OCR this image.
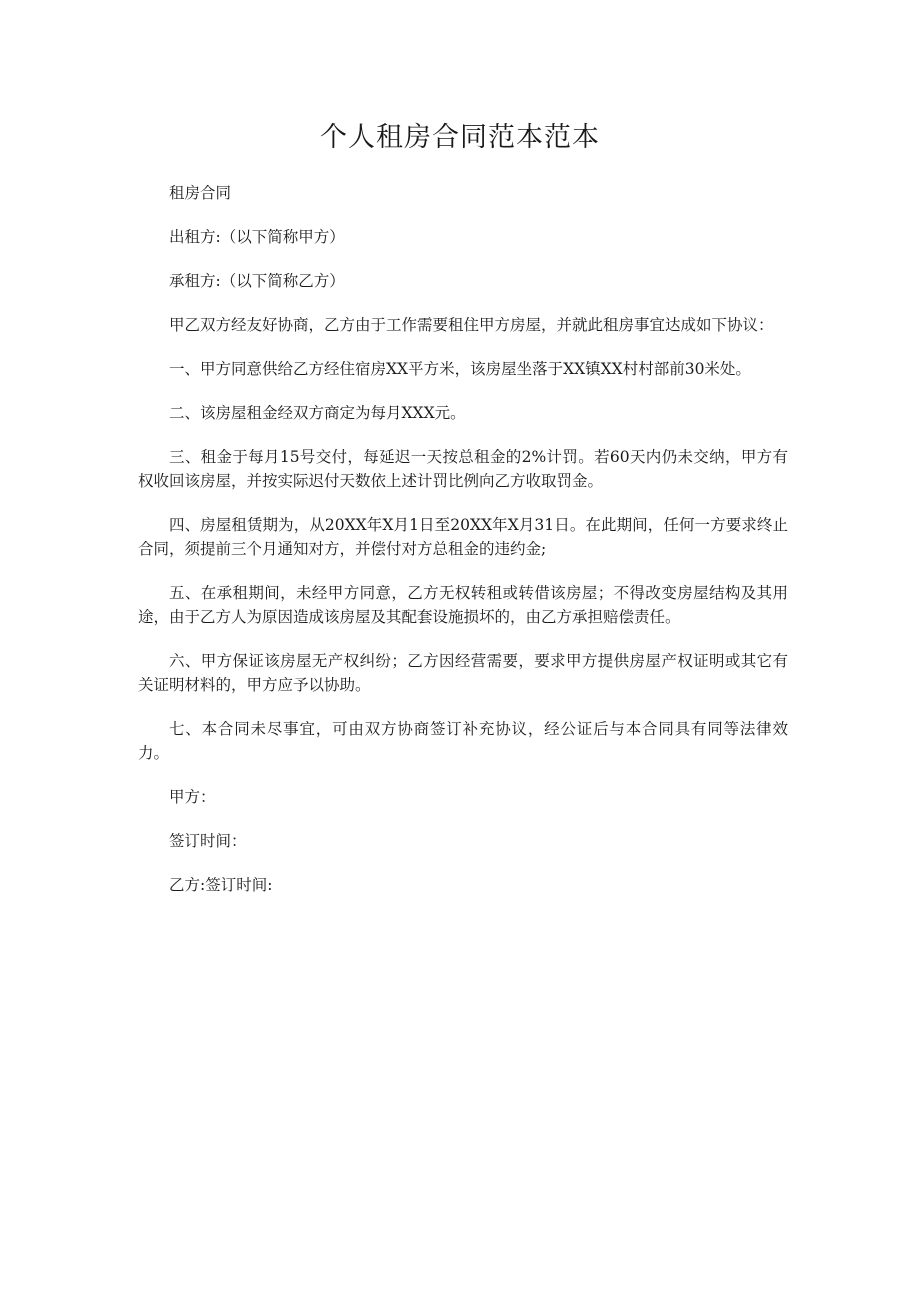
个人租房合同范本范本

租房合同

出租方:（以下简称甲方）

承租方:（以下简称乙方）

甲乙双方经友好协商，乙方由于工作需要租住甲方房屋，并就此租房事宜达成如下协议：

一、甲方同意供给乙方经住宿房XX平方米，该房屋坐落于XX镇XX村村部前30米处。

二、该房屋租金经双方商定为每月XXX元。

三、租金于每月15号交付，每延迟一天按总租金的2%计罚。若60天内仍未交纳，甲方有权收回该房屋，并按实际迟付天数依上述计罚比例向乙方收取罚金。

四、房屋租赁期为，从20XX年X月1日至20XX年X月31日。在此期间，任何一方要求终止合同，须提前三个月通知对方，并偿付对方总租金的违约金;

五、在承租期间，未经甲方同意，乙方无权转租或转借该房屋；不得改变房屋结构及其用途，由于乙方人为原因造成该房屋及其配套设施损坏的，由乙方承担赔偿责任。

六、甲方保证该房屋无产权纠纷；乙方因经营需要，要求甲方提供房屋产权证明或其它有关证明材料的，甲方应予以协助。

七、本合同未尽事宜，可由双方协商签订补充协议，经公证后与本合同具有同等法律效力。

甲方：

签订时间：

乙方:签订时间:
